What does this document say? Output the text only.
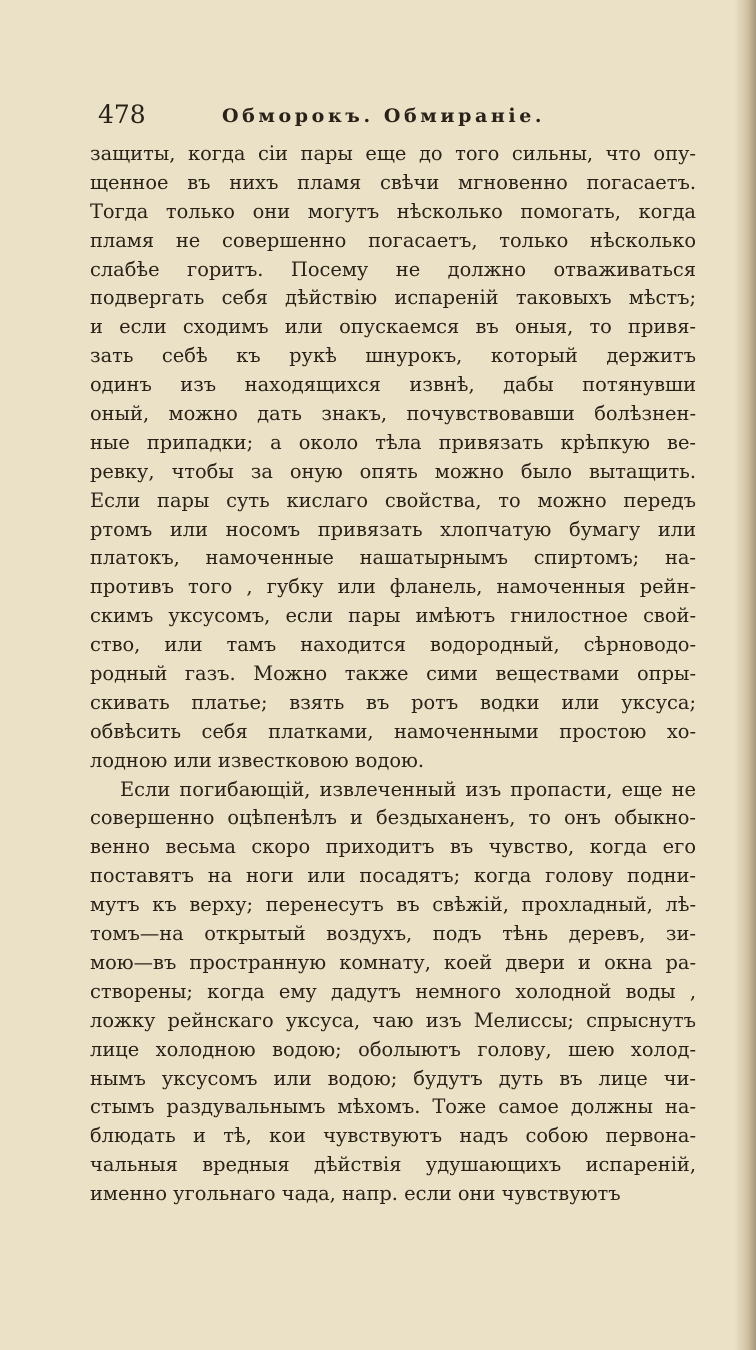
478	Обморокъ. Обмиранiе.
защиты, когда сiи пары еще до того сильны, что опу-
щенное въ нихъ пламя свѣчи мгновенно погасаетъ.
Тогда только они могутъ нѣсколько помогать, когда
пламя не совершенно погасаетъ, только нѣсколько
слабѣе горитъ. Посему не должно отваживаться
подвергать себя дѣйствiю испаренiй таковыхъ мѣстъ;
и если сходимъ или опускаемся въ оныя, то привя-
зать себѣ къ рукѣ шнурокъ, который держитъ
одинъ изъ находящихся извнѣ, дабы потянувши
оный, можно дать знакъ, почувствовавши болѣзнен-
ные припадки; а около тѣла привязать крѣпкую ве-
ревку, чтобы за оную опять можно было вытащить.
Если пары суть кислаго свойства, то можно передъ
ртомъ или носомъ привязать хлопчатую бумагу или
платокъ, намоченные нашатырнымъ спиртомъ; на-
противъ того , губку или фланель, намоченныя рейн-
скимъ уксусомъ, если пары имѣютъ гнилостное свой-
ство, или тамъ находится водородный, сѣрноводо-
родный газъ. Можно также сими веществами опры-
скивать платье; взять въ ротъ водки или уксуса;
обвѣсить себя платками, намоченными простою хо-
лодною или известковою водою.
Если погибающiй, извлеченный изъ пропасти, еще не
совершенно оцѣпенѣлъ и бездыханенъ, то онъ обыкно-
венно весьма скоро приходитъ въ чувство, когда его
поставятъ на ноги или посадятъ; когда голову подни-
мутъ къ верху; перенесутъ въ свѣжiй, прохладный, лѣ-
томъ—на открытый воздухъ, подъ тѣнь деревъ, зи-
мою—въ пространную комнату, коей двери и окна ра-
створены; когда ему дадутъ немного холодной воды ,
ложку рейнскаго уксуса, чаю изъ Мелиссы; спрыснутъ
лице холодною водою; оболыютъ голову, шею холод-
нымъ уксусомъ или водою; будутъ дуть въ лице чи-
стымъ раздувальнымъ мѣхомъ. Тоже самое должны на-
блюдать и тѣ, кои чувствуютъ надъ собою первона-
чальныя вредныя дѣйствiя удушающихъ испаренiй,
именно угольнаго чада, напр. если они чувствуютъ
